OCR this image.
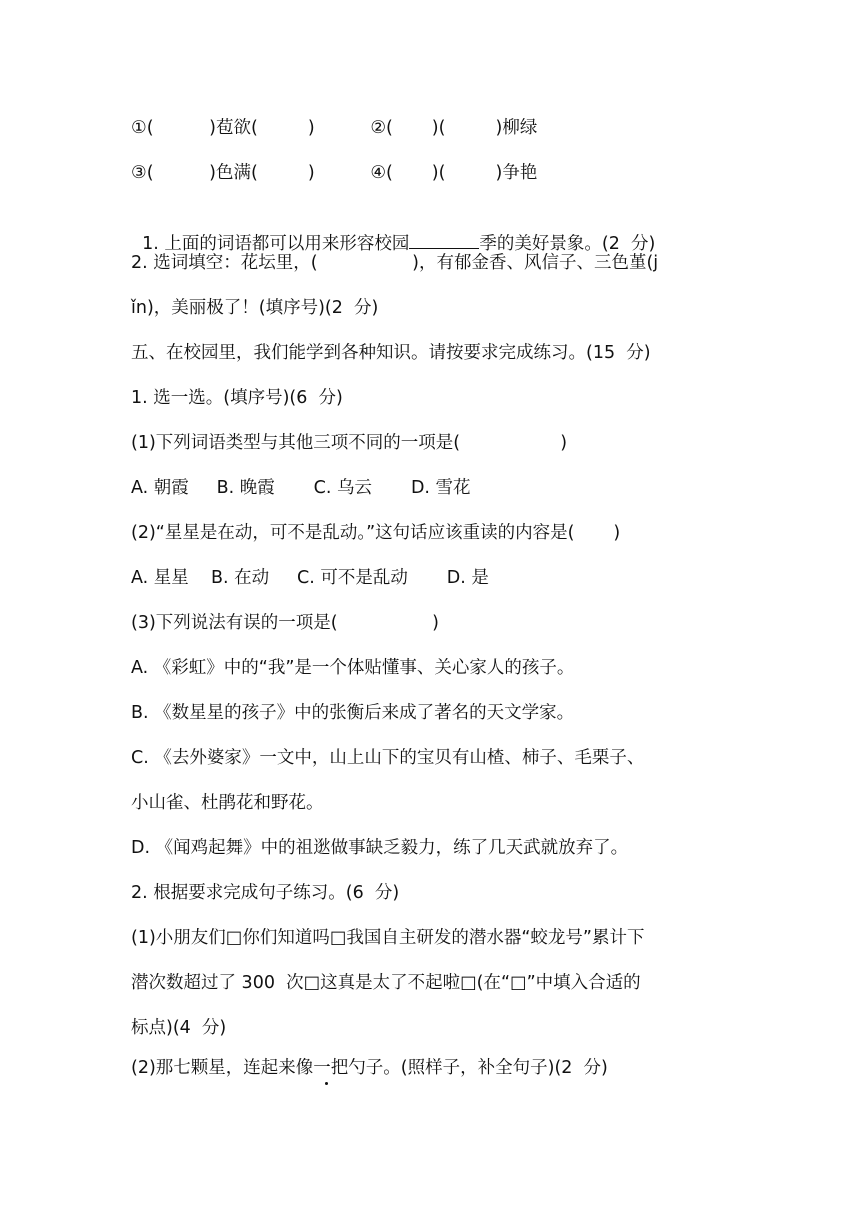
①(          )苞欲(         )          ②(       )(         )柳绿
③(          )色满(         )          ④(       )(         )争艳

1. 上面的词语都可以用来形容校园	季的美好景象。(2  分)

2. 选词填空：花坛里，(                 )，有郁金香、风信子、三色堇(j
ǐn)，美丽极了！(填序号)(2  分)
五、在校园里，我们能学到各种知识。请按要求完成练习。(15  分)
1. 选一选。(填序号)(6  分)
(1)下列词语类型与其他三项不同的一项是(                  )
A. 朝霞     B. 晚霞       C. 乌云       D. 雪花
(2)“星星是在动，可不是乱动。”这句话应该重读的内容是(       )
A. 星星    B. 在动     C. 可不是乱动       D. 是
(3)下列说法有误的一项是(                 )
A. 《彩虹》中的“我”是一个体贴懂事、关心家人的孩子。
B. 《数星星的孩子》中的张衡后来成了著名的天文学家。
C. 《去外婆家》一文中，山上山下的宝贝有山楂、柿子、毛栗子、
小山雀、杜鹃花和野花。
D. 《闻鸡起舞》中的祖逖做事缺乏毅力，练了几天武就放弃了。
2. 根据要求完成句子练习。(6  分)
(1)小朋友们□你们知道吗□我国自主研发的潜水器“蛟龙号”累计下
潜次数超过了 300  次□这真是太了不起啦□(在“□”中填入合适的
标点)(4  分)
(2)那七颗星，连起来像一把勺子。(照样子，补全句子)(2  分)
